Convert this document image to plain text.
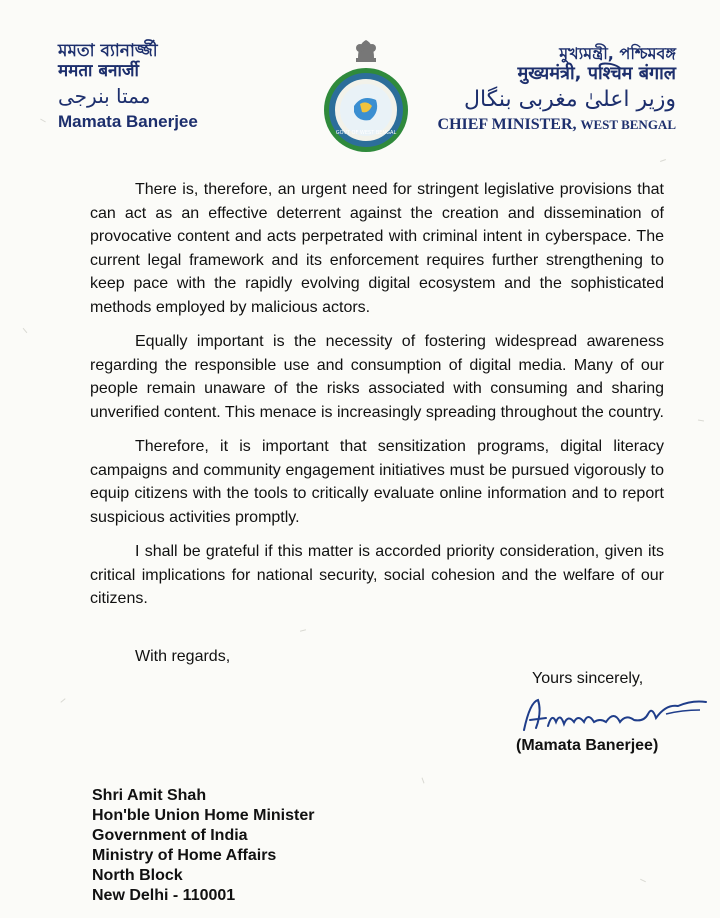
মমতা ব্যানার্জ্জী
ममता बनार्जी
ممتا بنرجی
Mamata Banerjee
GOVT OF WEST BENGAL
মুখ্যমন্ত্রী, পশ্চিমবঙ্গ
मुख्यमंत्री, पश्चिम बंगाल
وزیر اعلیٰ مغربی بنگال
CHIEF MINISTER, WEST BENGAL

There is, therefore, an urgent need for stringent legislative provisions that can act as an effective deterrent against the creation and dissemination of provocative content and acts perpetrated with criminal intent in cyberspace. The current legal framework and its enforcement requires further strengthening to keep pace with the rapidly evolving digital ecosystem and the sophisticated methods employed by malicious actors.

Equally important is the necessity of fostering widespread awareness regarding the responsible use and consumption of digital media. Many of our people remain unaware of the risks associated with consuming and sharing unverified content. This menace is increasingly spreading throughout the country.

Therefore, it is important that sensitization programs, digital literacy campaigns and community engagement initiatives must be pursued vigorously to equip citizens with the tools to critically evaluate online information and to report suspicious activities promptly.

I shall be grateful if this matter is accorded priority consideration, given its critical implications for national security, social cohesion and the welfare of our citizens.

With regards,
Yours sincerely,
(Mamata Banerjee)
Shri Amit Shah
Hon'ble Union Home Minister
Government of India
Ministry of Home Affairs
North Block
New Delhi - 110001
